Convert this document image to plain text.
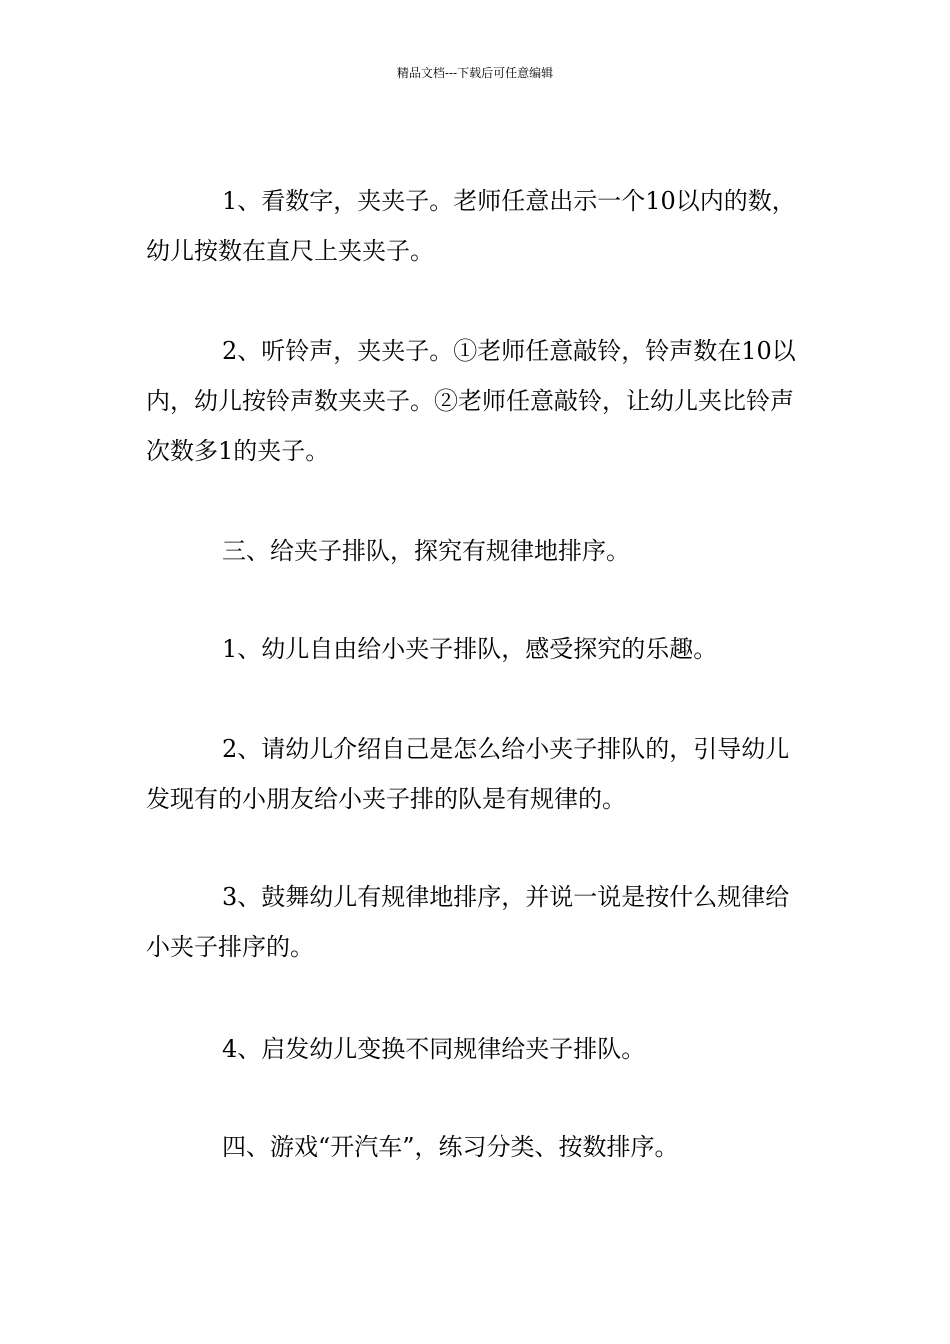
精品文档---下载后可任意编辑

1、看数字，夹夹子。老师任意出示一个10以内的数，幼儿按数在直尺上夹夹子。

2、听铃声，夹夹子。①老师任意敲铃，铃声数在10以内，幼儿按铃声数夹夹子。②老师任意敲铃，让幼儿夹比铃声次数多1的夹子。

三、给夹子排队，探究有规律地排序。

1、幼儿自由给小夹子排队，感受探究的乐趣。

2、请幼儿介绍自己是怎么给小夹子排队的，引导幼儿发现有的小朋友给小夹子排的队是有规律的。

3、鼓舞幼儿有规律地排序，并说一说是按什么规律给小夹子排序的。

4、启发幼儿变换不同规律给夹子排队。

四、游戏“开汽车”，练习分类、按数排序。
